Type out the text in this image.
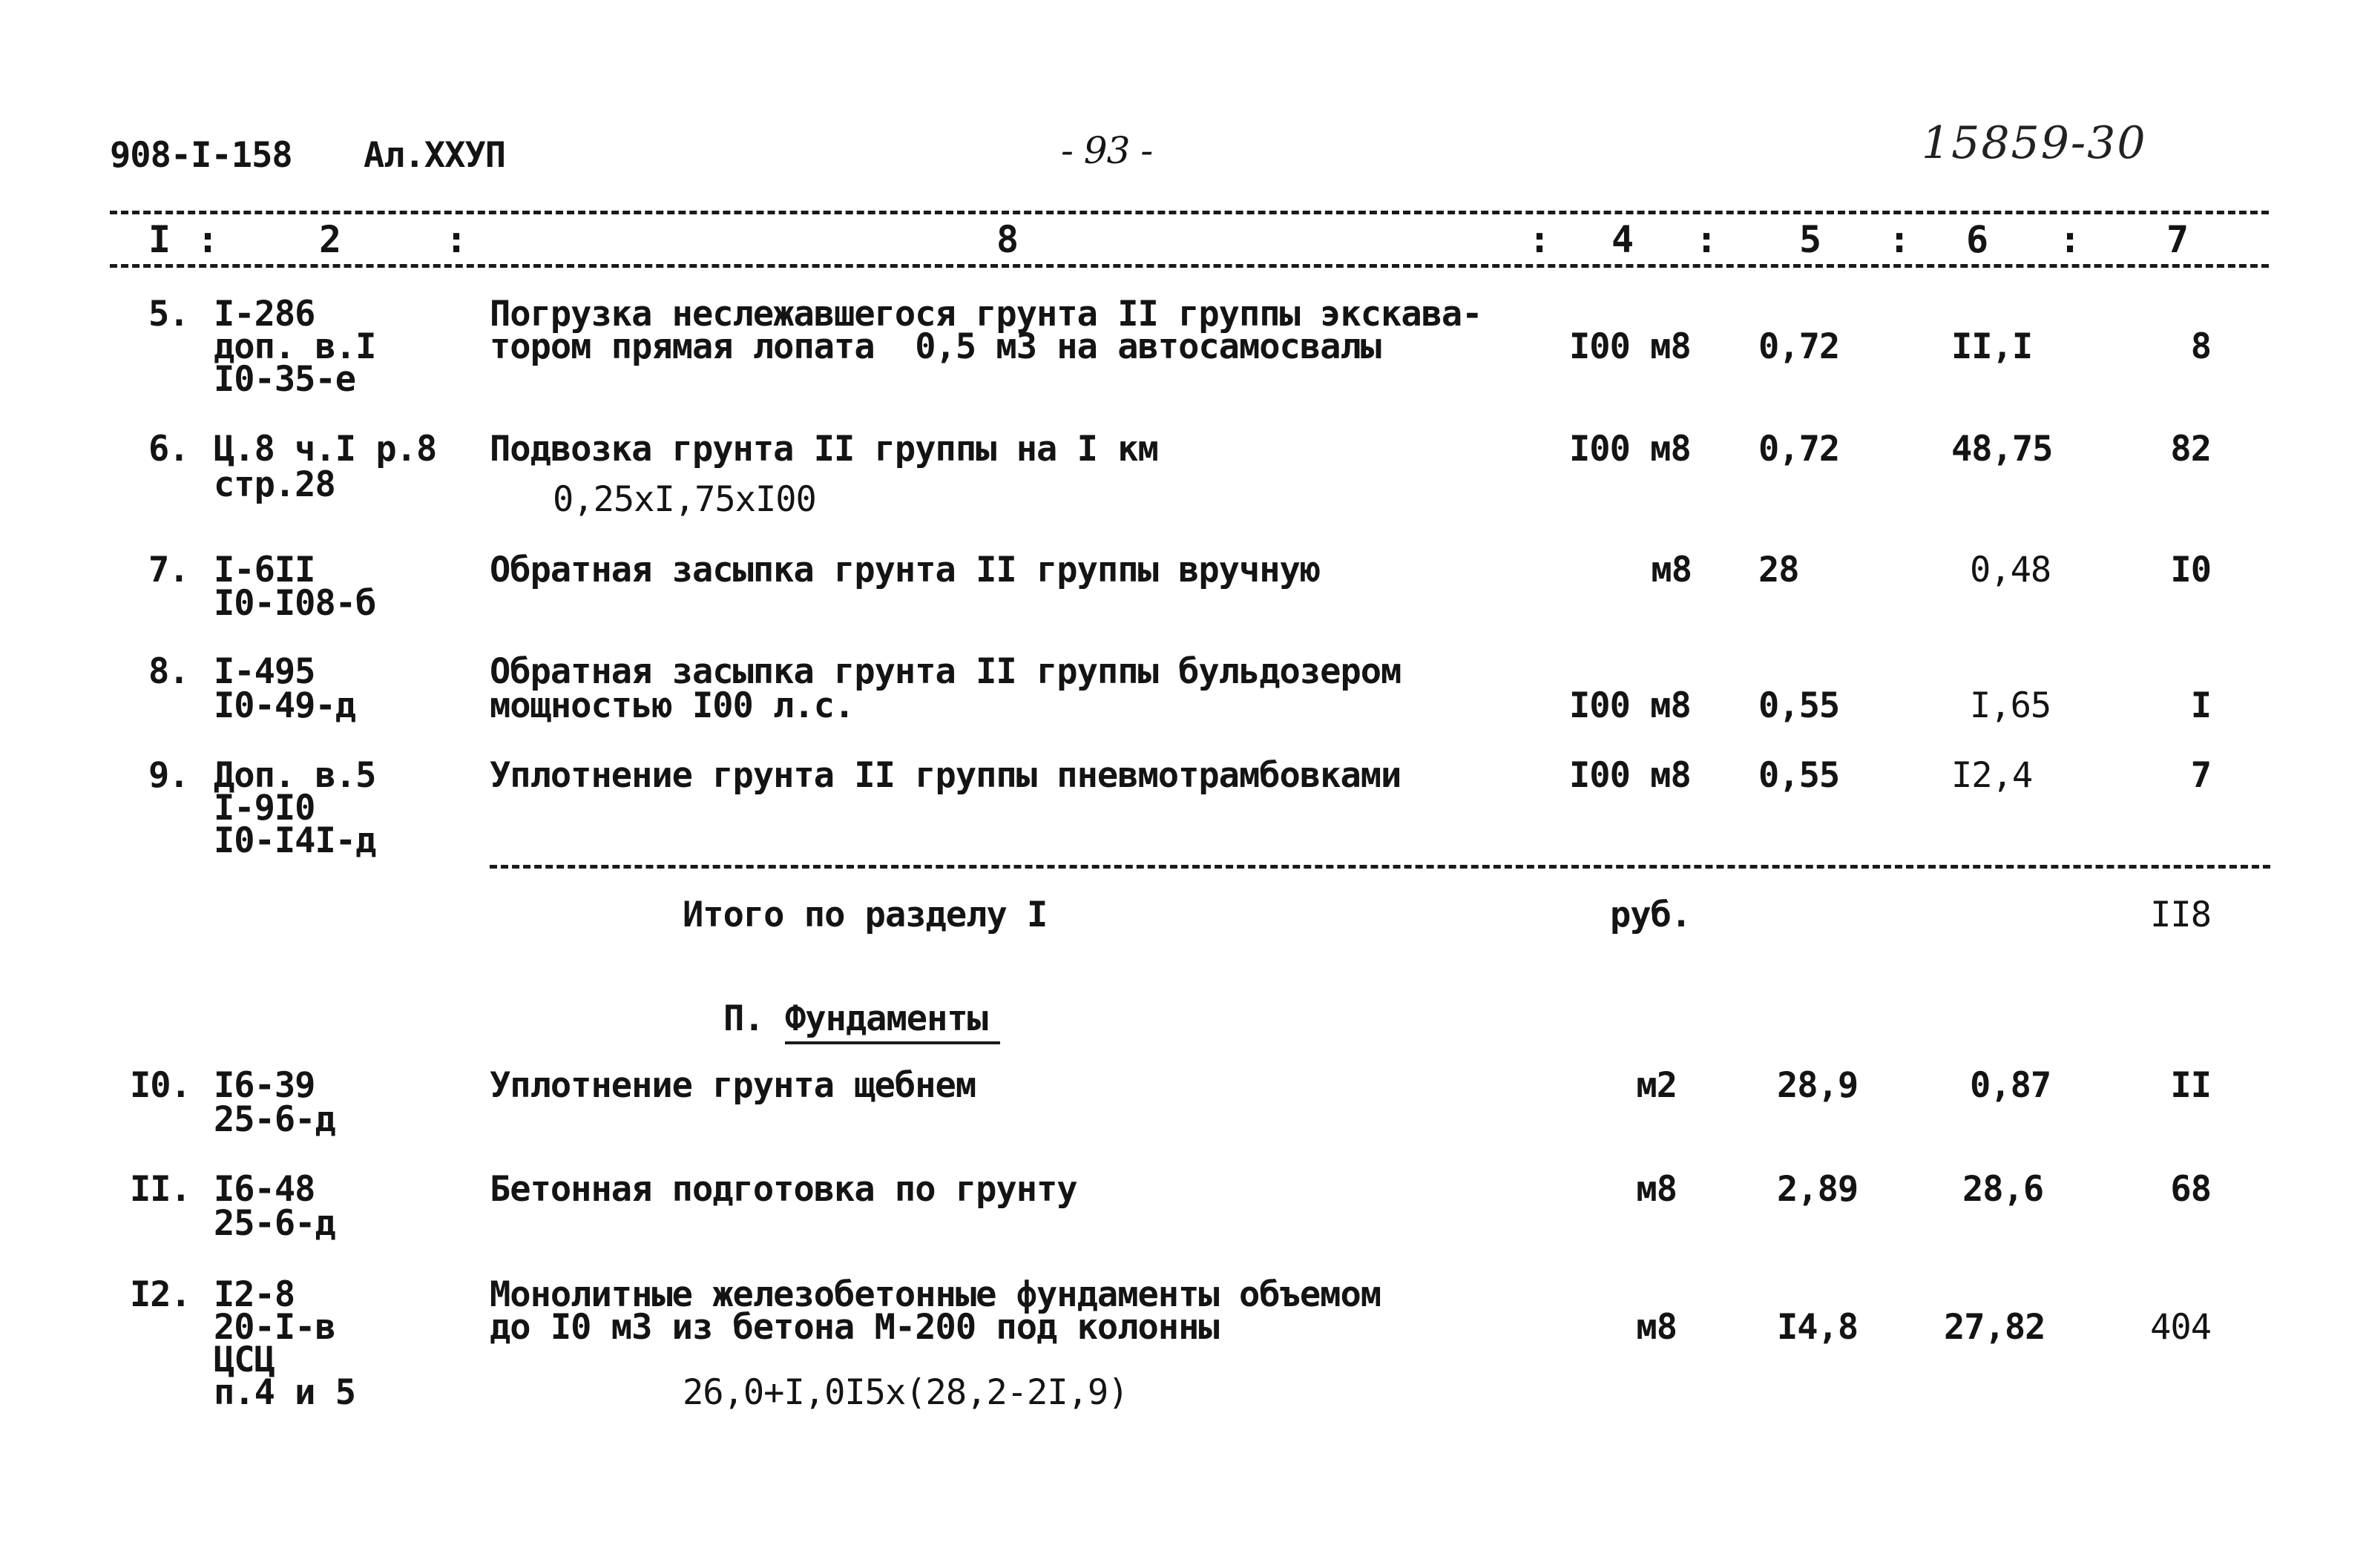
908-I-158 Ал.ХХУП	- 93 -	15859-30
I :	2	:	8	: 4 : 5 : 6 : 7
5. I-286
доп. в.I
I0-35-е
Погрузка неслежавшегося грунта II группы экскава-
тором прямая лопата  0,5 м3 на автосамосвалы	I00 м8 0,72	II,I	8
6. Ц.8 ч.I р.8
стр.28
Подвозка грунта II группы на I км
0,25хI,75хI00
I00 м8 0,72	48,75	82
7. I-6II
I0-I08-б
Обратная засыпка грунта II группы вручную	м8 28	0,48	I0
8. I-495
I0-49-д
Обратная засыпка грунта II группы бульдозером
мощностью I00 л.с.	I00 м8 0,55	I,65	I
9. Доп. в.5
I-9I0
I0-I4I-д
Уплотнение грунта II группы пневмотрамбовками	I00 м8 0,55	I2,4	7
Итого по разделу I	руб.	II8
П. Фундаменты
I0. I6-39
25-6-д
Уплотнение грунта щебнем	м2	28,9	0,87	II
II. I6-48
25-6-д
Бетонная подготовка по грунту	м8	2,89	28,6	68
I2. I2-8
20-I-в
ЦСЦ
п.4 и 5
Монолитные железобетонные фундаменты объемом
до I0 м3 из бетона М-200 под колонны
26,0+I,0I5х(28,2-2I,9)
м8	I4,8 27,82	404
